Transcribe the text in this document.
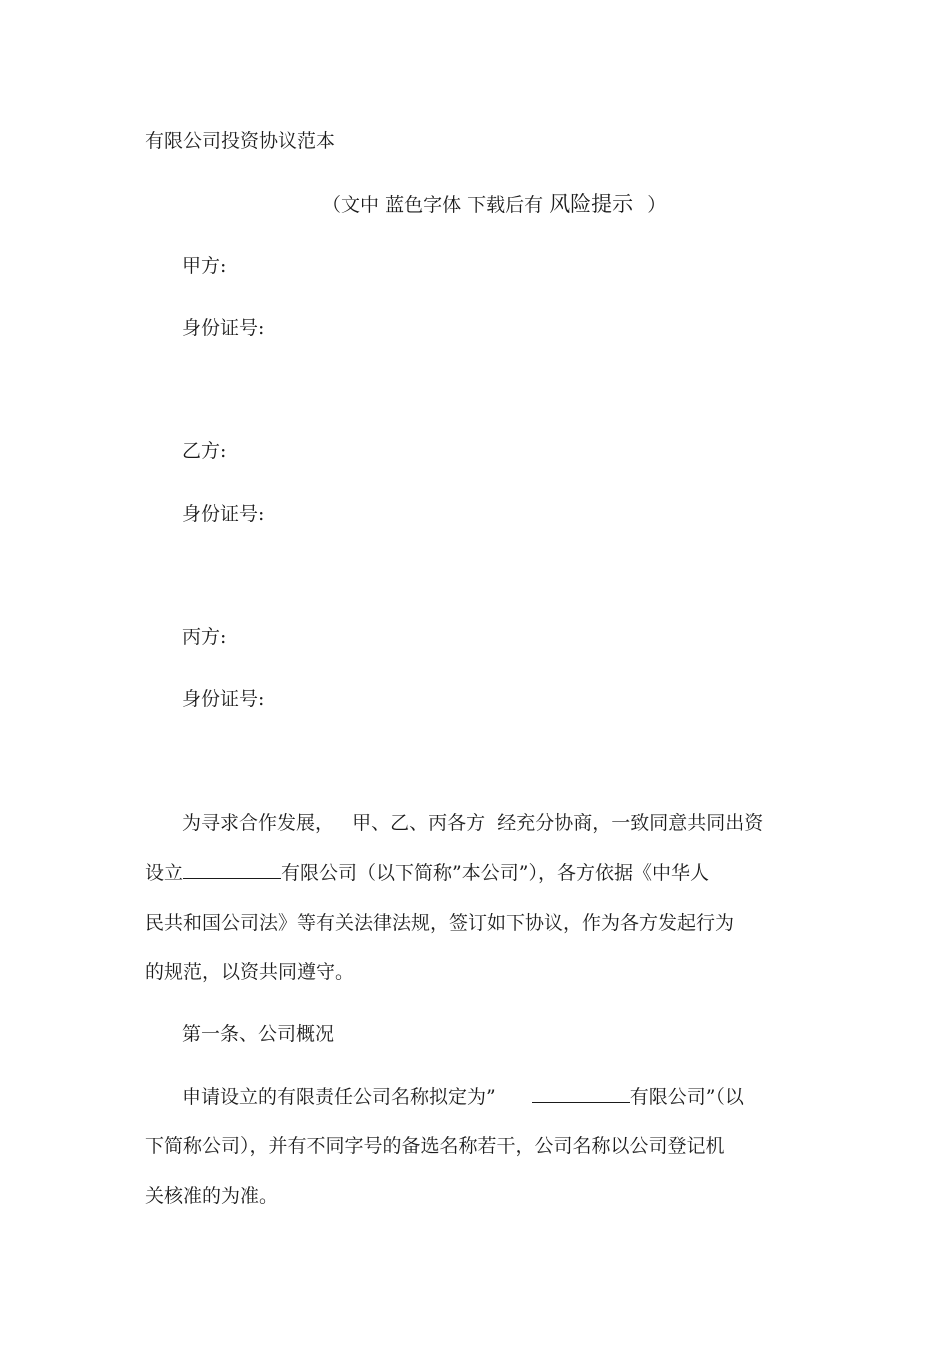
有限公司投资协议范本
（文中 蓝色字体 下载后有 风险提示 ）
甲方:
身份证号:
乙方:
身份证号:
丙方:
身份证号:
为寻求合作发展，   甲、乙、丙各方  经充分协商，一致同意共同出资
设立	有限公司（以下简称”本公司”），各方依据《中华人
民共和国公司法》等有关法律法规，签订如下协议，作为各方发起行为
的规范，以资共同遵守。
第一条、公司概况
申请设立的有限责任公司名称拟定为”	有限公司”（以
下简称公司），并有不同字号的备选名称若干，公司名称以公司登记机
关核准的为准。
